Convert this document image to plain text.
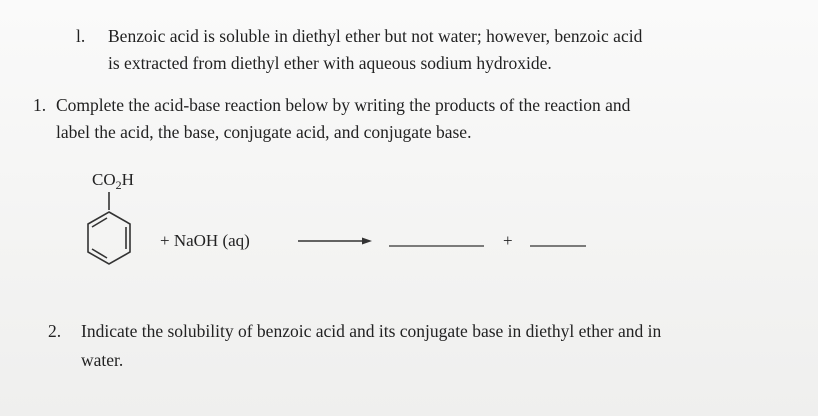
l. Benzoic acid is soluble in diethyl ether but not water; however, benzoic acid
is extracted from diethyl ether with aqueous sodium hydroxide.
1. Complete the acid-base reaction below by writing the products of the reaction and
label the acid, the base, conjugate acid, and conjugate base.
$CO_2H$
+ NaOH (aq)	+
2. Indicate the solubility of benzoic acid and its conjugate base in diethyl ether and in
water.
